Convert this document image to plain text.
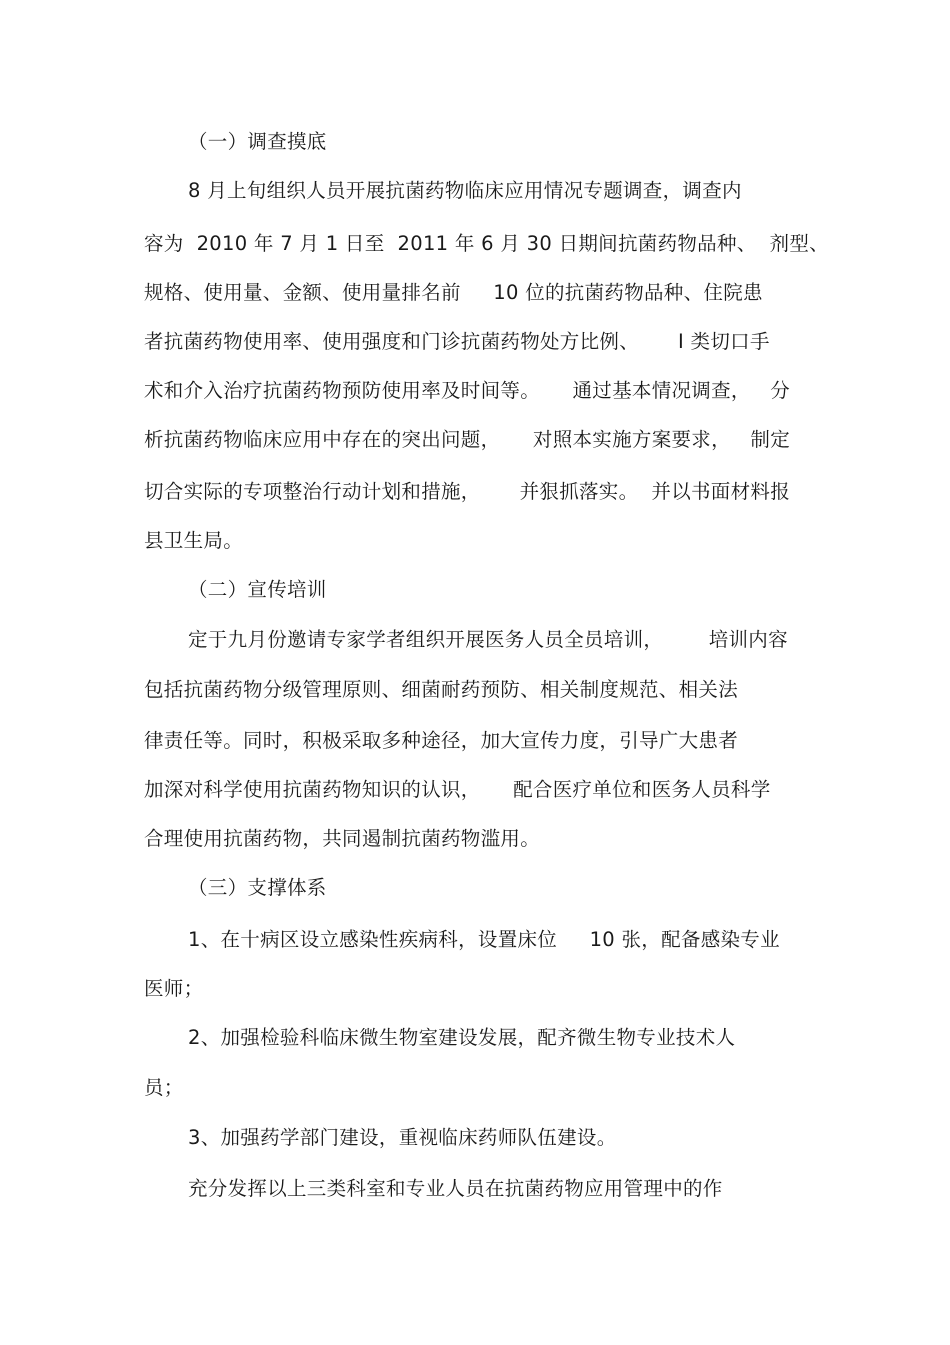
（一）调查摸底
8 月上旬组织人员开展抗菌药物临床应用情况专题调查，调查内
容为  2010 年 7 月 1 日至  2011 年 6 月 30 日期间抗菌药物品种、  剂型、
规格、使用量、金额、使用量排名前     10 位的抗菌药物品种、住院患
者抗菌药物使用率、使用强度和门诊抗菌药物处方比例、      Ⅰ 类切口手
术和介入治疗抗菌药物预防使用率及时间等。     通过基本情况调查，   分
析抗菌药物临床应用中存在的突出问题，     对照本实施方案要求，   制定
切合实际的专项整治行动计划和措施，      并狠抓落实。  并以书面材料报
县卫生局。
（二）宣传培训
定于九月份邀请专家学者组织开展医务人员全员培训，       培训内容
包括抗菌药物分级管理原则、细菌耐药预防、相关制度规范、相关法
律责任等。同时，积极采取多种途径，加大宣传力度，引导广大患者
加深对科学使用抗菌药物知识的认识，     配合医疗单位和医务人员科学
合理使用抗菌药物，共同遏制抗菌药物滥用。
（三）支撑体系
1、在十病区设立感染性疾病科，设置床位     10 张，配备感染专业
医师；
2、加强检验科临床微生物室建设发展，配齐微生物专业技术人
员；
3、加强药学部门建设，重视临床药师队伍建设。
充分发挥以上三类科室和专业人员在抗菌药物应用管理中的作
